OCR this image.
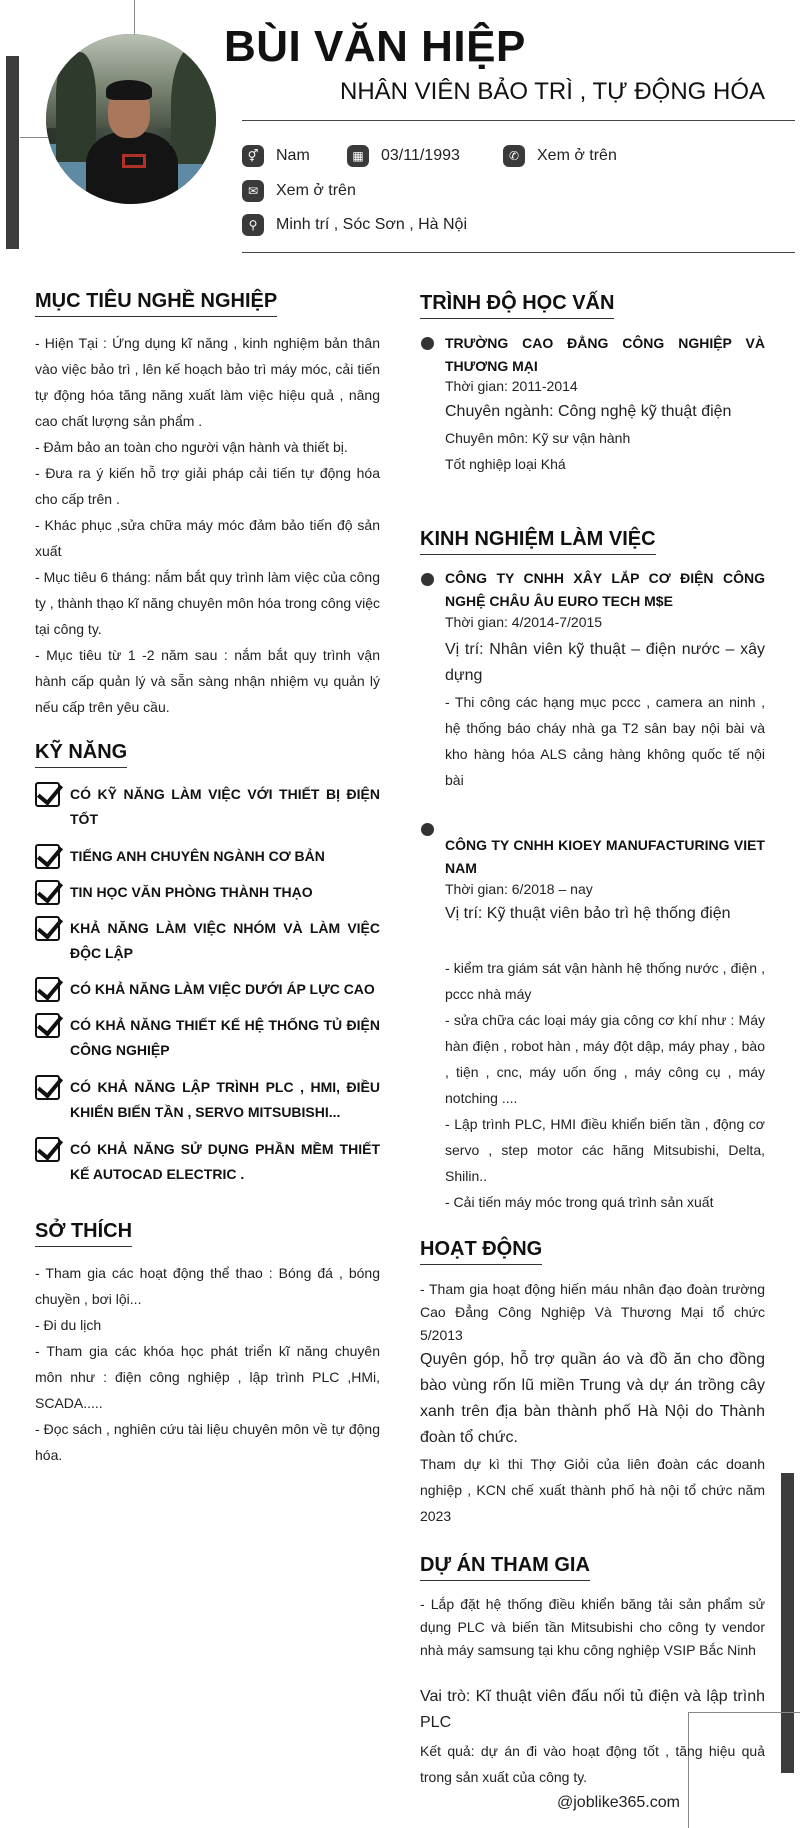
BÙI VĂN HIỆP
NHÂN VIÊN BẢO TRÌ , TỰ ĐỘNG HÓA
⚥	Nam	▦	03/11/1993	✆	Xem ở trên
✉	Xem ở trên
⚲	Minh trí , Sóc Sơn , Hà Nội
MỤC TIÊU NGHỀ NGHIỆP

- Hiện Tại : Ứng dụng kĩ năng , kinh nghiệm bản thân vào việc bảo trì , lên kế hoạch bảo trì máy móc, cải tiến tự động hóa tăng năng xuất làm việc hiệu quả , nâng cao chất lượng sản phẩm .

- Đảm bảo an toàn cho người vận hành và thiết bị.

- Đưa ra ý kiến hỗ trợ giải pháp cải tiến tự động hóa cho cấp trên .

- Khác phục ,sửa chữa máy móc đảm bảo tiến độ sản xuất

- Mục tiêu 6 tháng: nắm bắt quy trình làm việc của công ty , thành thạo kĩ năng chuyên môn hóa trong công việc tại công ty.

- Mục tiêu từ 1 -2 năm sau : nắm bắt quy trình vận hành cấp quản lý và sẵn sàng nhận nhiệm vụ quản lý nếu cấp trên yêu cầu.

KỸ NĂNG
CÓ KỸ NĂNG LÀM VIỆC VỚI THIẾT BỊ ĐIỆN TỐT
TIẾNG ANH CHUYÊN NGÀNH CƠ BẢN
TIN HỌC VĂN PHÒNG THÀNH THẠO
KHẢ NĂNG LÀM VIỆC NHÓM VÀ LÀM VIỆC ĐỘC LẬP
CÓ KHẢ NĂNG LÀM VIỆC DƯỚI ÁP LỰC CAO
CÓ KHẢ NĂNG THIẾT KẾ HỆ THỐNG TỦ ĐIỆN CÔNG NGHIỆP
CÓ KHẢ NĂNG LẬP TRÌNH PLC , HMI, ĐIỀU KHIỂN BIẾN TẦN , SERVO MITSUBISHI...
CÓ KHẢ NĂNG SỬ DỤNG PHẦN MỀM THIẾT KẾ AUTOCAD ELECTRIC .
SỞ THÍCH

- Tham gia các hoạt động thể thao : Bóng đá , bóng chuyền , bơi lội...

- Đi du lịch

- Tham gia các khóa học phát triển kĩ năng chuyên môn như : điện công nghiệp , lập trình PLC ,HMi, SCADA.....

- Đọc sách , nghiên cứu tài liệu chuyên môn về tự động hóa.

TRÌNH ĐỘ HỌC VẤN
TRƯỜNG CAO ĐẲNG CÔNG NGHIỆP VÀ THƯƠNG MẠI
Thời gian: 2011-2014
Chuyên ngành: Công nghệ kỹ thuật điện
Chuyên môn: Kỹ sư vận hành
Tốt nghiệp loại Khá
KINH NGHIỆM LÀM VIỆC
CÔNG TY CNHH XÂY LẮP CƠ ĐIỆN CÔNG NGHỆ CHÂU ÂU EURO TECH M$E
Thời gian: 4/2014-7/2015
Vị trí: Nhân viên kỹ thuật – điện nước – xây dựng
- Thi công các hạng mục pccc , camera an ninh , hệ thống báo cháy nhà ga T2 sân bay nội bài và kho hàng hóa ALS cảng hàng không quốc tế nội bài
CÔNG TY CNHH KIOEY MANUFACTURING VIET NAM
Thời gian: 6/2018 – nay
Vị trí: Kỹ thuật viên bảo trì hệ thống điện

- kiểm tra giám sát vận hành hệ thống nước , điện , pccc nhà máy

- sửa chữa các loại máy gia công cơ khí như : Máy hàn điện , robot hàn , máy đột dập, máy phay , bào , tiện , cnc, máy uốn ống , máy công cụ , máy notching ....

- Lập trình PLC, HMI điều khiển biến tần , động cơ servo , step motor các hãng Mitsubishi, Delta, Shilin..

- Cải tiến máy móc trong quá trình sản xuất

HOẠT ĐỘNG
- Tham gia hoạt động hiến máu nhân đạo đoàn trường Cao Đẳng Công Nghiệp Và Thương Mại tổ chức 5/2013
Quyên góp, hỗ trợ quần áo và đồ ăn cho đồng bào vùng rốn lũ miền Trung và dự án trồng cây xanh trên địa bàn thành phố Hà Nội do Thành đoàn tổ chức.
Tham dự kì thi Thợ Giỏi của liên đoàn các doanh nghiệp , KCN chế xuất thành phố hà nội tổ chức năm 2023
DỰ ÁN THAM GIA
- Lắp đặt hệ thống điều khiển băng tải sản phẩm sử dụng PLC và biến tần Mitsubishi cho công ty vendor nhà máy samsung tại khu công nghiệp VSIP Bắc Ninh
Vai trò: Kĩ thuật viên đấu nối tủ điện và lập trình PLC
Kết quả: dự án đi vào hoạt động tốt , tăng hiệu quả trong sản xuất của công ty.
@joblike365.com
